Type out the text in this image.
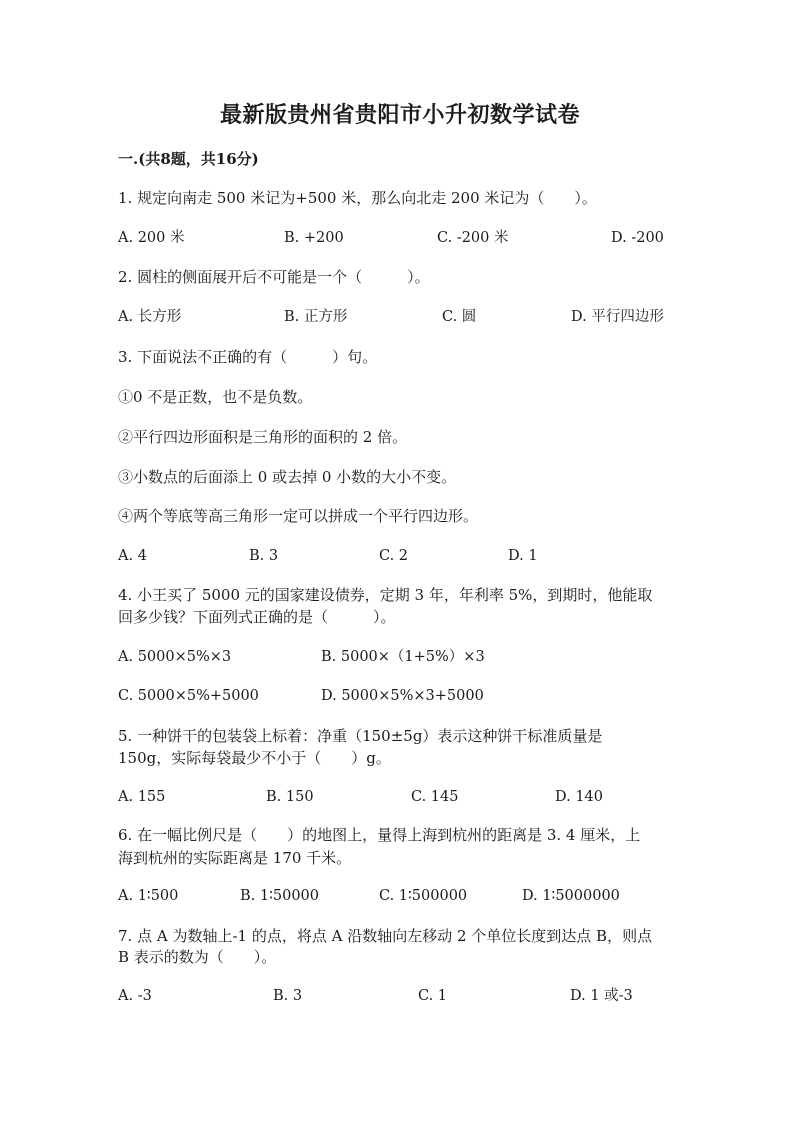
最新版贵州省贵阳市小升初数学试卷
一.(共8题，共16分)
1. 规定向南走 500 米记为+500 米，那么向北走 200 米记为（　　）。
A. 200 米	B. +200	C. -200 米	D. -200
2. 圆柱的侧面展开后不可能是一个（　　　）。
A. 长方形	B. 正方形	C. 圆	D. 平行四边形
3. 下面说法不正确的有（　　　）句。
①0 不是正数，也不是负数。
②平行四边形面积是三角形的面积的 2 倍。
③小数点的后面添上 0 或去掉 0 小数的大小不变。
④两个等底等高三角形一定可以拼成一个平行四边形。
A. 4	B. 3	C. 2	D. 1
4. 小王买了 5000 元的国家建设债券，定期 3 年，年利率 5%，到期时，他能取
回多少钱？下面列式正确的是（　　　）。
A. 5000×5%×3	B. 5000×（1+5%）×3
C. 5000×5%+5000	D. 5000×5%×3+5000
5. 一种饼干的包装袋上标着：净重（150±5g）表示这种饼干标准质量是
150g，实际每袋最少不小于（　　）g。
A. 155	B. 150	C. 145	D. 140
6. 在一幅比例尺是（　　）的地图上，量得上海到杭州的距离是 3. 4 厘米，上
海到杭州的实际距离是 170 千米。
A. 1∶500	B. 1∶50000	C. 1∶500000	D. 1∶5000000
7. 点 A 为数轴上-1 的点，将点 A 沿数轴向左移动 2 个单位长度到达点 B，则点
B 表示的数为（　　）。
A. -3	B. 3	C. 1	D. 1 或-3
